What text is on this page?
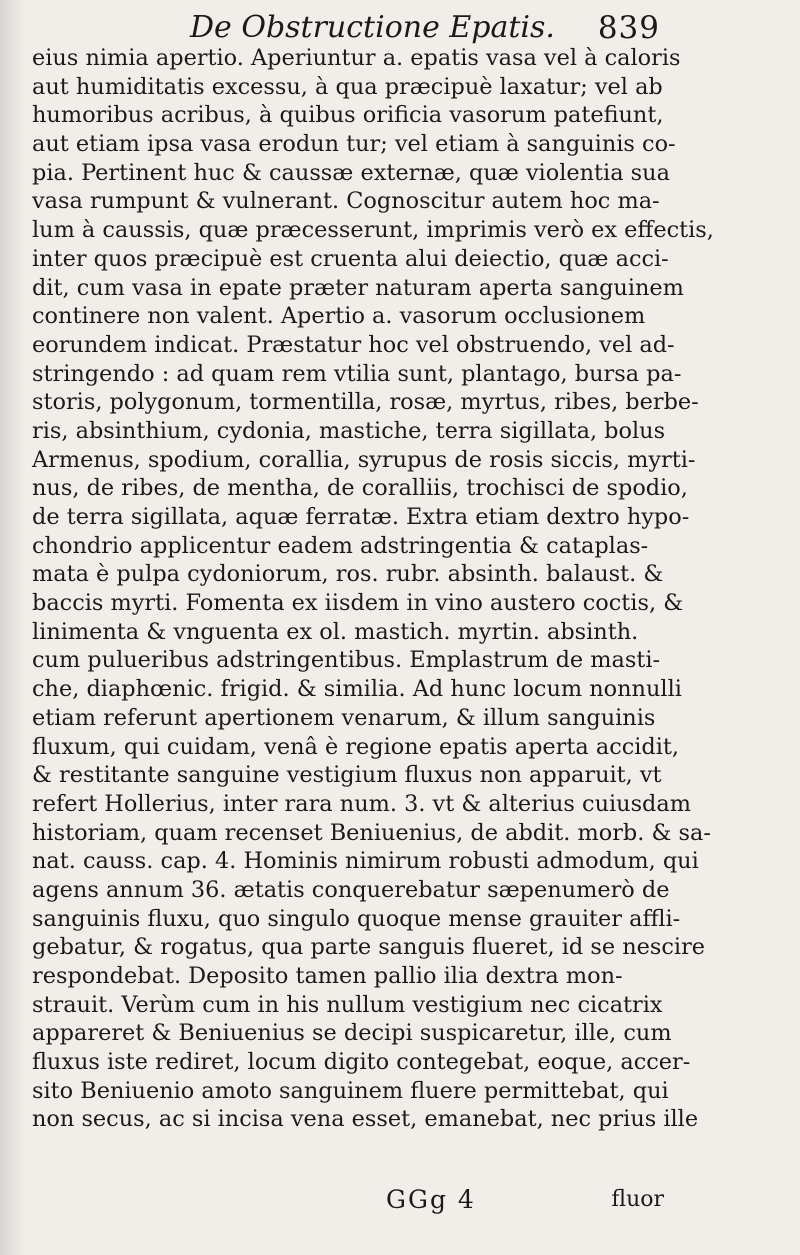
De Obstructione Epatis.	839
eius nimia apertio. Aperiuntur a. epatis vasa vel à caloris
aut humiditatis excessu, à qua præcipuè laxatur; vel ab
humoribus acribus, à quibus orificia vasorum patefiunt,
aut etiam ipsa vasa erodun tur; vel etiam à sanguinis co-
pia. Pertinent huc & caussæ externæ, quæ violentia sua
vasa rumpunt & vulnerant. Cognoscitur autem hoc ma-
lum à caussis, quæ præcesserunt, imprimis verò ex effectis,
inter quos præcipuè est cruenta alui deiectio, quæ acci-
dit, cum vasa in epate præter naturam aperta sanguinem
continere non valent. Apertio a. vasorum occlusionem
eorundem indicat. Præstatur hoc vel obstruendo, vel ad-
stringendo : ad quam rem vtilia sunt, plantago, bursa pa-
storis, polygonum, tormentilla, rosæ, myrtus, ribes, berbe-
ris, absinthium, cydonia, mastiche, terra sigillata, bolus
Armenus, spodium, corallia, syrupus de rosis siccis, myrti-
nus, de ribes, de mentha, de coralliis, trochisci de spodio,
de terra sigillata, aquæ ferratæ. Extra etiam dextro hypo-
chondrio applicentur eadem adstringentia & cataplas-
mata è pulpa cydoniorum, ros. rubr. absinth. balaust. &
baccis myrti. Fomenta ex iisdem in vino austero coctis, &
linimenta & vnguenta ex ol. mastich. myrtin. absinth.
cum pulueribus adstringentibus. Emplastrum de masti-
che, diaphœnic. frigid. & similia. Ad hunc locum nonnulli
etiam referunt apertionem venarum, & illum sanguinis
fluxum, qui cuidam, venâ è regione epatis aperta accidit,
& restitante sanguine vestigium fluxus non apparuit, vt
refert Hollerius, inter rara num. 3. vt & alterius cuiusdam
historiam, quam recenset Beniuenius, de abdit. morb. & sa-
nat. causs. cap. 4. Hominis nimirum robusti admodum, qui
agens annum 36. ætatis conquerebatur sæpenumerò de
sanguinis fluxu, quo singulo quoque mense grauiter affli-
gebatur, & rogatus, qua parte sanguis flueret, id se nescire
respondebat. Deposito tamen pallio ilia dextra mon-
strauit. Verùm cum in his nullum vestigium nec cicatrix
appareret & Beniuenius se decipi suspicaretur, ille, cum
fluxus iste rediret, locum digito contegebat, eoque, accer-
sito Beniuenio amoto sanguinem fluere permittebat, qui
non secus, ac si incisa vena esset, emanebat, nec prius ille
GGg 4	fluor
